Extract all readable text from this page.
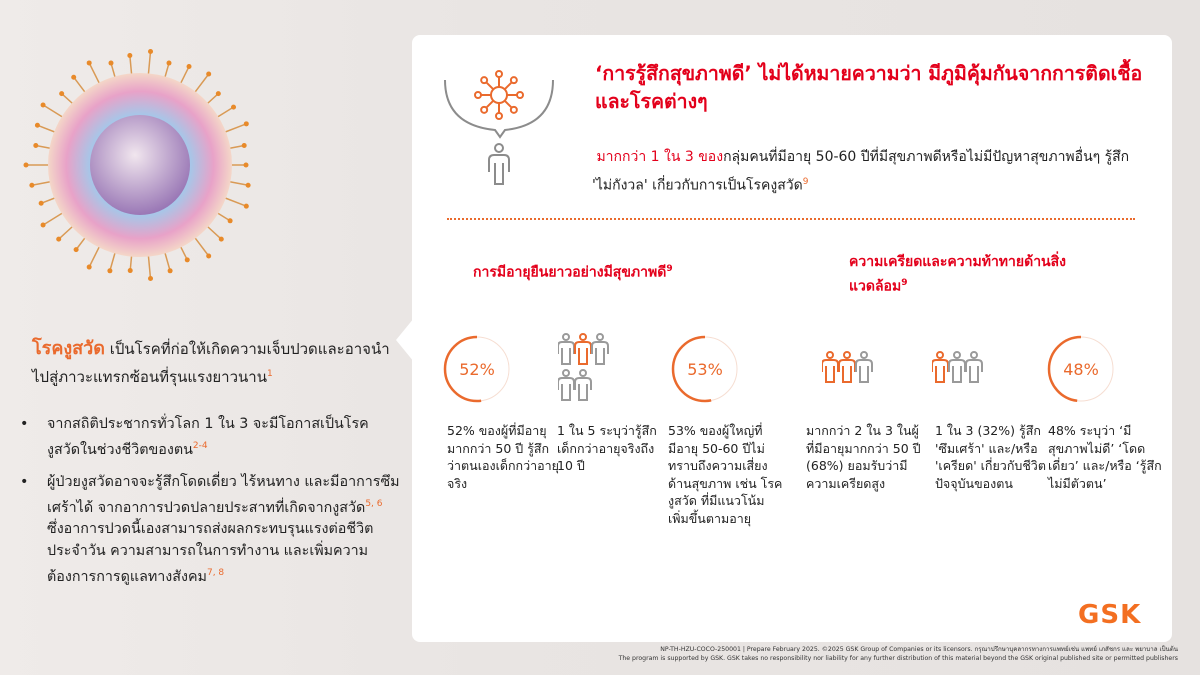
‘การรู้สึกสุขภาพดี’ ไม่ได้หมายความว่า มีภูมิคุ้มกันจากการติดเชื้อและโรคต่างๆ
มากกว่า 1 ใน 3 ของกลุ่มคนที่มีอายุ 50-60 ปีที่มีสุขภาพดีหรือไม่มีปัญหาสุขภาพอื่นๆ รู้สึก 'ไม่กังวล' เกี่ยวกับการเป็นโรคงูสวัด$^9$
การมีอายุยืนยาวอย่างมีสุขภาพดี$^9$	ความเครียดและความท้าทายด้านสิ่งแวดล้อม$^9$
52%
52% ของผู้ที่มีอายุมากกว่า 50 ปี รู้สึกว่าตนเองเด็กกว่าอายุจริง
1 ใน 5 ระบุว่ารู้สึกเด็กกว่าอายุจริงถึง 10 ปี
53%
53% ของผู้ใหญ่ที่มีอายุ 50-60 ปีไม่ทราบถึงความเสี่ยงด้านสุขภาพ เช่น โรคงูสวัด ที่มีแนวโน้มเพิ่มขึ้นตามอายุ
มากกว่า 2 ใน 3 ในผู้ที่มีอายุมากกว่า 50 ปี (68%) ยอมรับว่ามีความเครียดสูง
1 ใน 3 (32%) รู้สึก 'ซึมเศร้า' และ/หรือ 'เครียด' เกี่ยวกับชีวิตปัจจุบันของตน
48%
48% ระบุว่า ‘มีสุขภาพไม่ดี’ ‘โดดเดี่ยว’ และ/หรือ ‘รู้สึกไม่มีตัวตน’
โรคงูสวัด เป็นโรคที่ก่อให้เกิดความเจ็บปวดและอาจนำไปสู่ภาวะแทรกซ้อนที่รุนแรงยาวนาน$^1$
•	จากสถิติประชากรทั่วโลก 1 ใน 3 จะมีโอกาสเป็นโรคงูสวัดในช่วงชีวิตของตน$^{2-4}$
•	ผู้ป่วยงูสวัดอาจจะรู้สึกโดดเดี่ยว ไร้หนทาง และมีอาการซึมเศร้าได้ จากอาการปวดปลายประสาทที่เกิดจากงูสวัด$^{5, 6}$ ซึ่งอาการปวดนี้เองสามารถส่งผลกระทบรุนแรงต่อชีวิตประจำวัน ความสามารถในการทำงาน และเพิ่มความต้องการการดูแลทางสังคม$^{7, 8}$
GSK
NP-TH-HZU-COCO-250001 | Prepare February 2025. ©2025 GSK Group of Companies or its licensors. กรุณาปรึกษาบุคลากรทางการแพทย์เช่น แพทย์ เภสัชกร และ พยาบาล เป็นต้น
The program is supported by GSK. GSK takes no responsibility nor liability for any further distribution of this material beyond the GSK original published site or permitted publishers
